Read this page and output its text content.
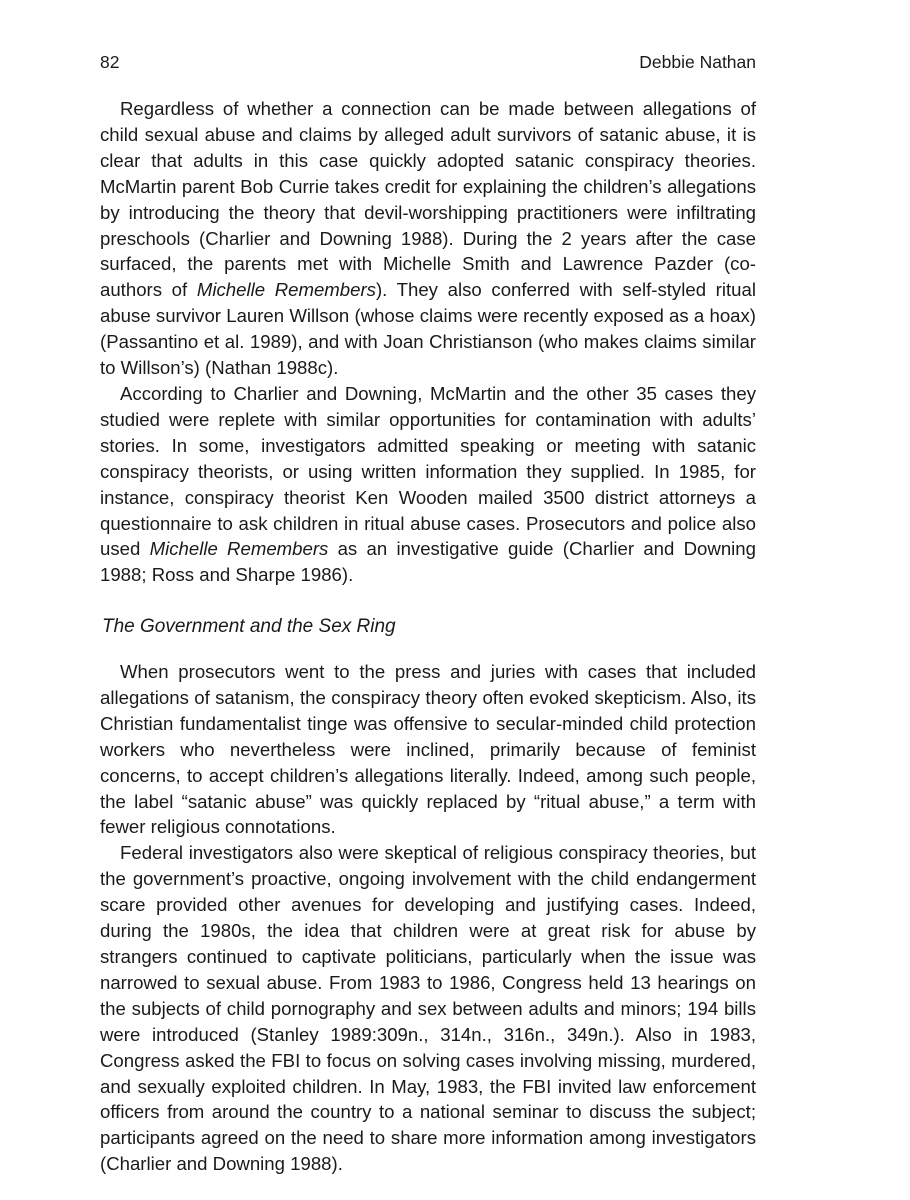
82	Debbie Nathan

Regardless of whether a connection can be made between allegations of child sexual abuse and claims by alleged adult survivors of satanic abuse, it is clear that adults in this case quickly adopted satanic conspiracy theories. McMartin parent Bob Currie takes credit for explaining the children’s allegations by introducing the theory that devil-worshipping practitioners were infiltrating preschools (Charlier and Downing 1988). During the 2 years after the case surfaced, the parents met with Michelle Smith and Lawrence Pazder (co-authors of Michelle Remembers). They also conferred with self-styled ritual abuse survivor Lauren Willson (whose claims were recently exposed as a hoax) (Passantino et al. 1989), and with Joan Christianson (who makes claims similar to Willson’s) (Nathan 1988c).

According to Charlier and Downing, McMartin and the other 35 cases they studied were replete with similar opportunities for contamination with adults’ stories. In some, investigators admitted speaking or meeting with satanic conspiracy theorists, or using written information they supplied. In 1985, for instance, conspiracy theorist Ken Wooden mailed 3500 district attorneys a questionnaire to ask children in ritual abuse cases. Prosecutors and police also used Michelle Remembers as an investigative guide (Charlier and Downing 1988; Ross and Sharpe 1986).

The Government and the Sex Ring

When prosecutors went to the press and juries with cases that included allegations of satanism, the conspiracy theory often evoked skepticism. Also, its Christian fundamentalist tinge was offensive to secular-minded child protection workers who nevertheless were inclined, primarily because of feminist concerns, to accept children’s allegations literally. Indeed, among such people, the label “satanic abuse” was quickly replaced by “ritual abuse,” a term with fewer religious connotations.

Federal investigators also were skeptical of religious conspiracy theories, but the government’s proactive, ongoing involvement with the child endangerment scare provided other avenues for developing and justifying cases. Indeed, during the 1980s, the idea that children were at great risk for abuse by strangers continued to captivate politicians, particularly when the issue was narrowed to sexual abuse. From 1983 to 1986, Congress held 13 hearings on the subjects of child pornography and sex between adults and minors; 194 bills were introduced (Stanley 1989:309n., 314n., 316n., 349n.). Also in 1983, Congress asked the FBI to focus on solving cases involving missing, murdered, and sexually exploited children. In May, 1983, the FBI invited law enforcement officers from around the country to a national seminar to discuss the subject; participants agreed on the need to share more information among investigators (Charlier and Downing 1988).
